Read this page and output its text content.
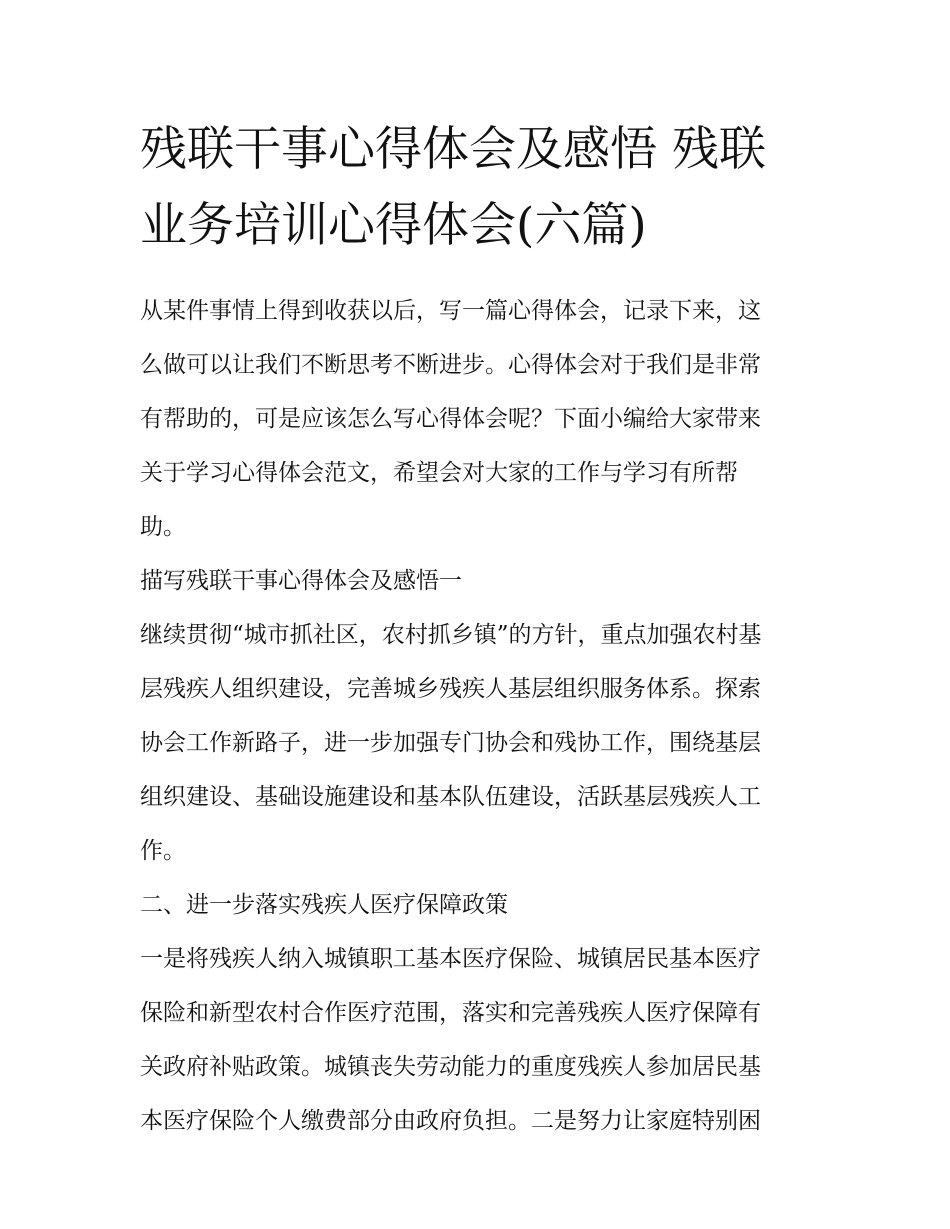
残联干事心得体会及感悟 残联
业务培训心得体会(六篇)
从某件事情上得到收获以后，写一篇心得体会，记录下来，这
么做可以让我们不断思考不断进步。心得体会对于我们是非常
有帮助的，可是应该怎么写心得体会呢？下面小编给大家带来
关于学习心得体会范文，希望会对大家的工作与学习有所帮
助。
描写残联干事心得体会及感悟一
继续贯彻“城市抓社区，农村抓乡镇”的方针，重点加强农村基
层残疾人组织建设，完善城乡残疾人基层组织服务体系。探索
协会工作新路子，进一步加强专门协会和残协工作，围绕基层
组织建设、基础设施建设和基本队伍建设，活跃基层残疾人工
作。
二、进一步落实残疾人医疗保障政策
一是将残疾人纳入城镇职工基本医疗保险、城镇居民基本医疗
保险和新型农村合作医疗范围，落实和完善残疾人医疗保障有
关政府补贴政策。城镇丧失劳动能力的重度残疾人参加居民基
本医疗保险个人缴费部分由政府负担。二是努力让家庭特别困
